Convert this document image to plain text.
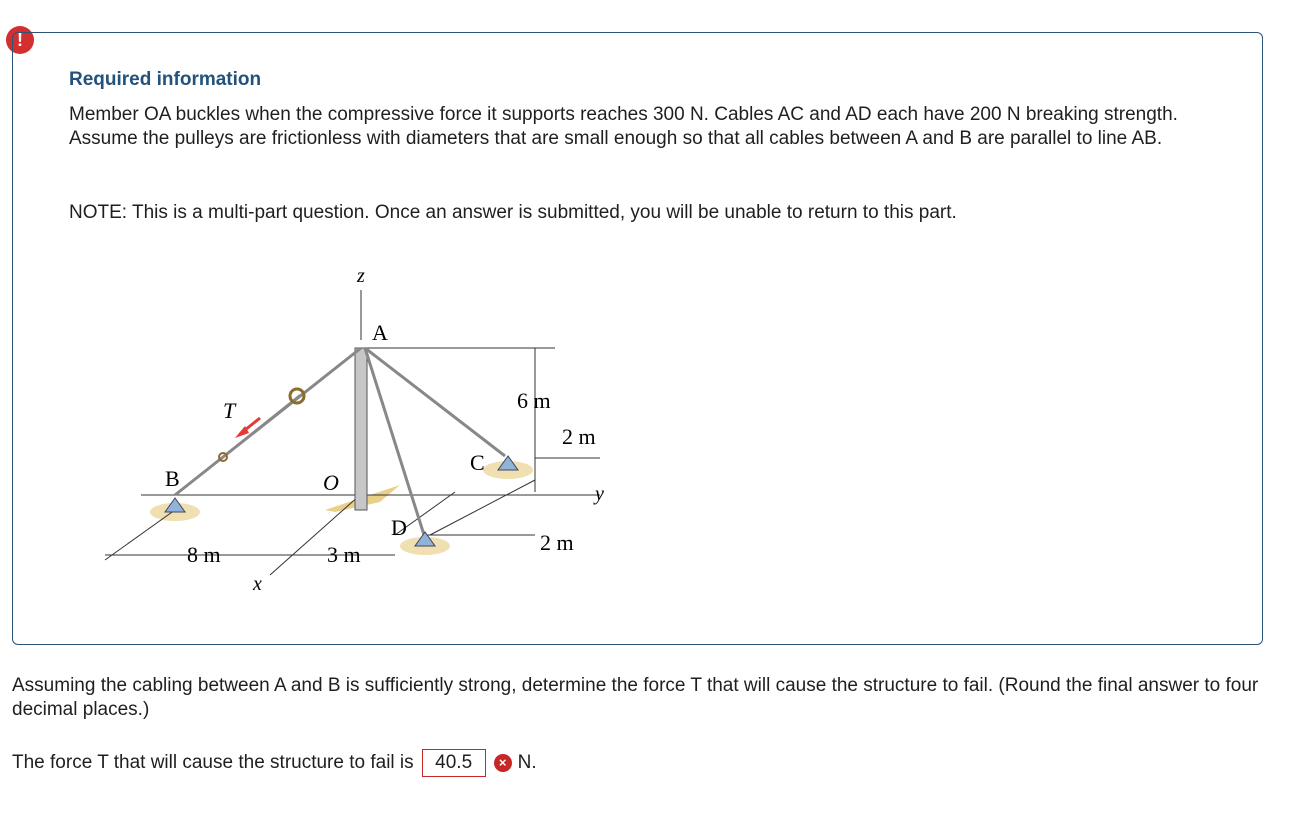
!
Required information

Member OA buckles when the compressive force it supports reaches 300 N. Cables AC and AD each have 200 N breaking strength. Assume the pulleys are frictionless with diameters that are small enough so that all cables between A and B are parallel to line AB.

NOTE: This is a multi-part question. Once an answer is submitted, you will be unable to return to this part.

z
A
T
B	O
C
D
y
x
6 m
2 m
2 m
8 m	3 m

Assuming the cabling between A and B is sufficiently strong, determine the force T that will cause the structure to fail. (Round the final answer to four decimal places.)

The force T that will cause the structure to fail is	40.5	× N.
